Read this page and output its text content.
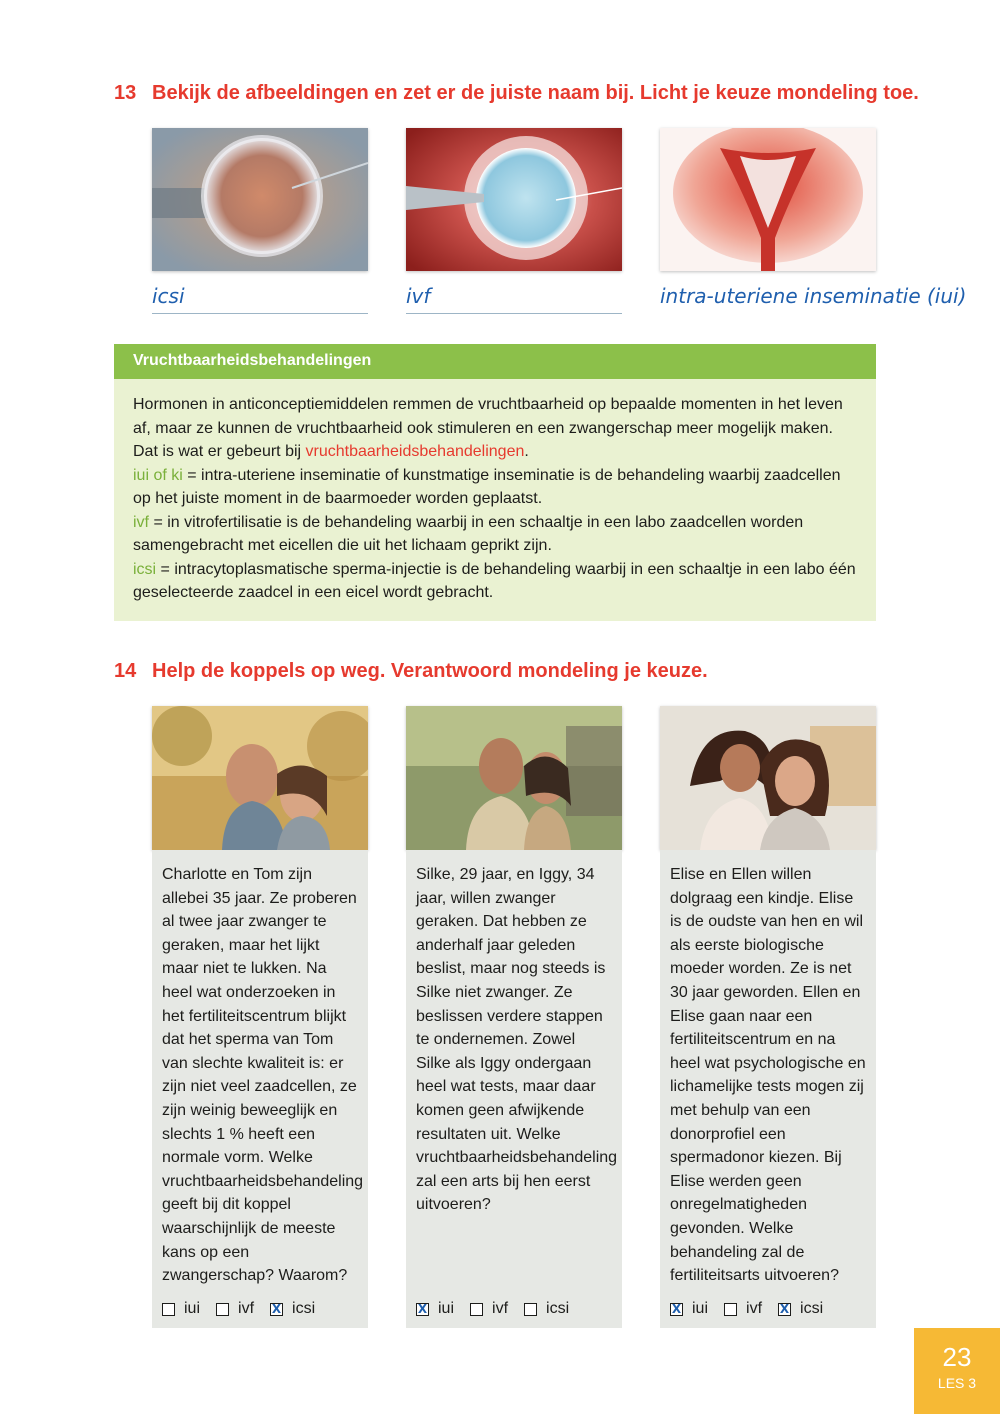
13 Bekijk de afbeeldingen en zet er de juiste naam bij. Licht je keuze mondeling toe.
icsi	ivf	intra-uteriene inseminatie (iui)
Vruchtbaarheidsbehandelingen
Hormonen in anticonceptiemiddelen remmen de vruchtbaarheid op bepaalde momenten in het leven af, maar ze kunnen de vruchtbaarheid ook stimuleren en een zwangerschap meer mogelijk maken. Dat is wat er gebeurt bij vruchtbaarheidsbehandelingen.
iui of ki = intra-uteriene inseminatie of kunstmatige inseminatie is de behandeling waarbij zaadcellen op het juiste moment in de baarmoeder worden geplaatst.
ivf = in vitrofertilisatie is de behandeling waarbij in een schaaltje in een labo zaadcellen worden samengebracht met eicellen die uit het lichaam geprikt zijn.
icsi = intracytoplasmatische sperma-injectie is de behandeling waarbij in een schaaltje in een labo één geselecteerde zaadcel in een eicel wordt gebracht.
14 Help de koppels op weg. Verantwoord mondeling je keuze.
Charlotte en Tom zijn allebei 35 jaar. Ze proberen al twee jaar zwanger te geraken, maar het lijkt maar niet te lukken. Na heel wat onderzoeken in het fertiliteitscentrum blijkt dat het sperma van Tom van slechte kwaliteit is: er zijn niet veel zaadcellen, ze zijn weinig beweeglijk en slechts 1 % heeft een normale vorm. Welke vruchtbaarheidsbehandeling geeft bij dit koppel waarschijnlijk de meeste kans op een zwangerschap? Waarom?
iui ivf X icsi
Silke, 29 jaar, en Iggy, 34 jaar, willen zwanger geraken. Dat hebben ze anderhalf jaar geleden beslist, maar nog steeds is Silke niet zwanger. Ze beslissen verdere stappen te ondernemen. Zowel Silke als Iggy ondergaan heel wat tests, maar daar komen geen afwijkende resultaten uit. Welke vruchtbaarheidsbehandeling zal een arts bij hen eerst uitvoeren?
X iui ivf icsi
Elise en Ellen willen dolgraag een kindje. Elise is de oudste van hen en wil als eerste biologische moeder worden. Ze is net 30 jaar geworden. Ellen en Elise gaan naar een fertiliteitscentrum en na heel wat psychologische en lichamelijke tests mogen zij met behulp van een donorprofiel een spermadonor kiezen. Bij Elise werden geen onregelmatigheden gevonden. Welke behandeling zal de fertiliteitsarts uitvoeren?
X iui ivf X icsi
23
LES 3
